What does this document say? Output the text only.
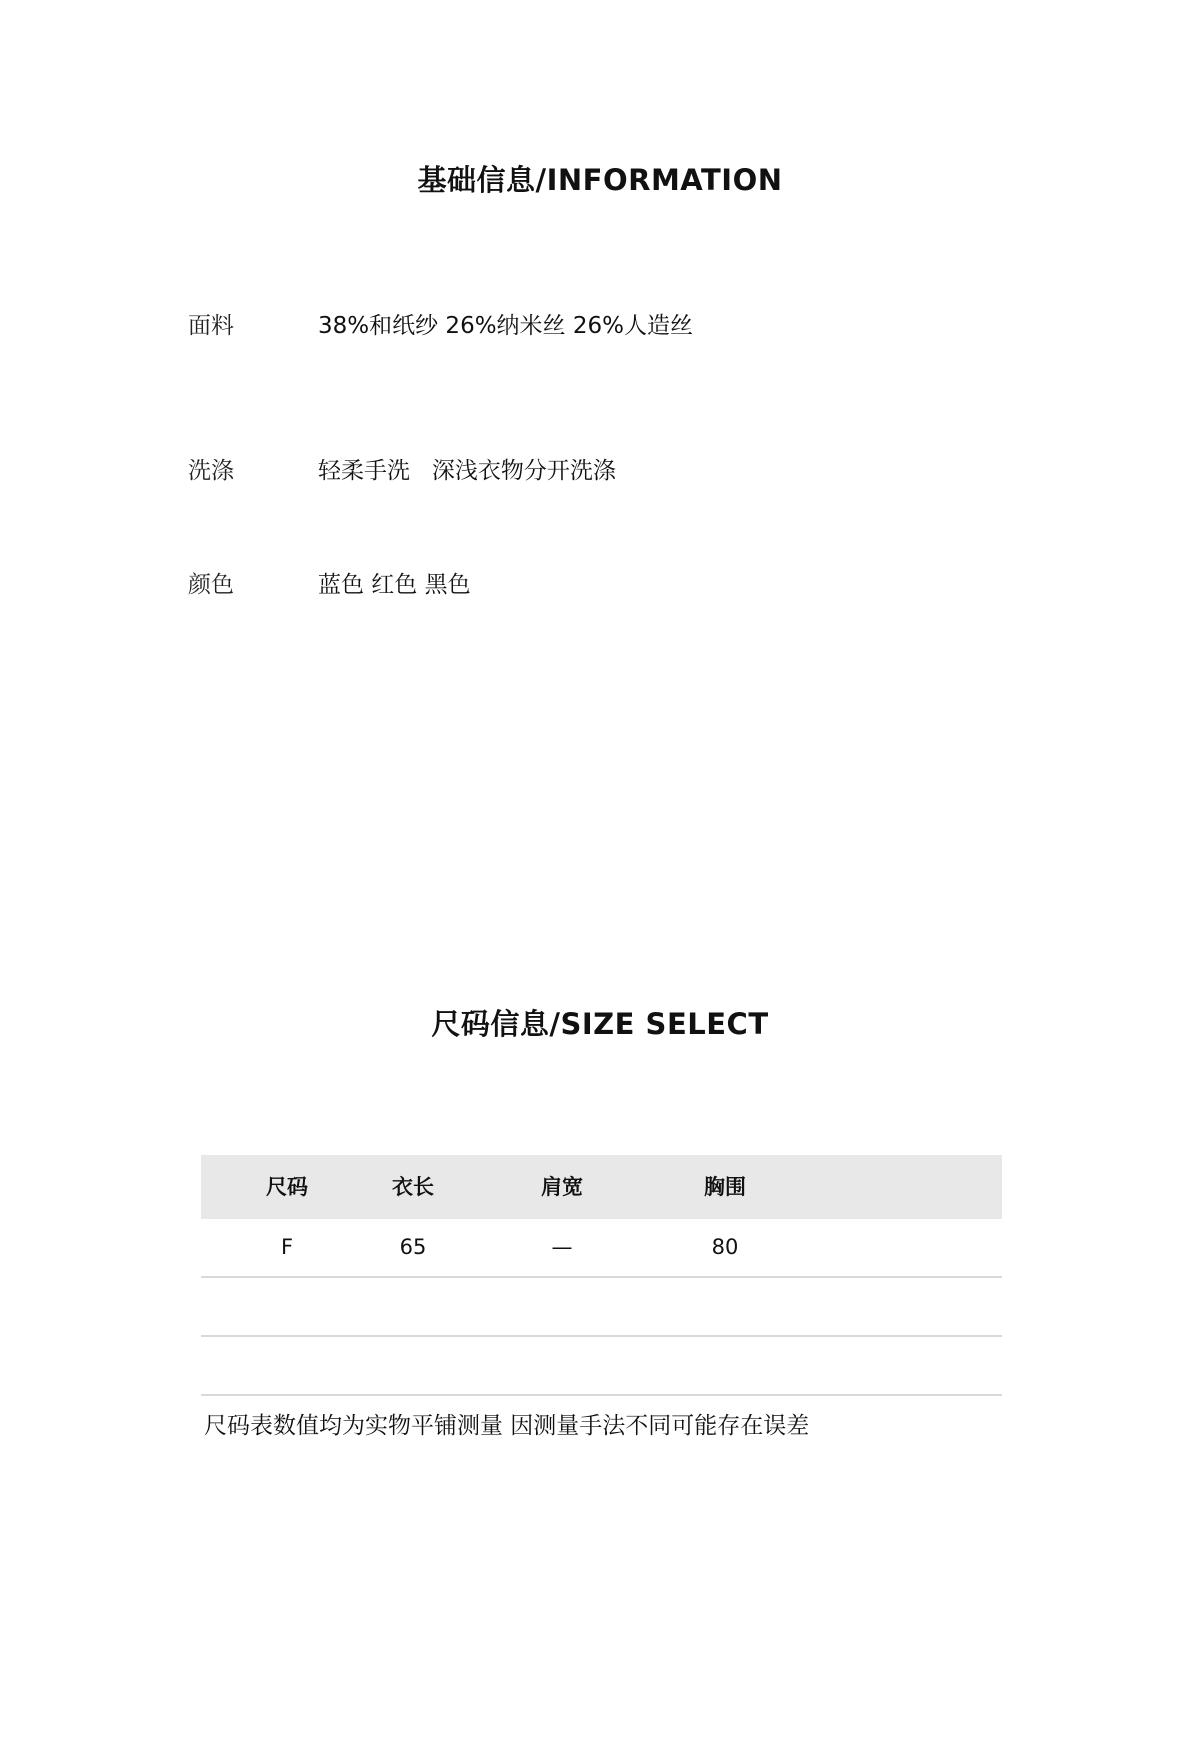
基础信息/INFORMATION
面料	38%和纸纱 26%纳米丝 26%人造丝
洗涤	轻柔手洗   深浅衣物分开洗涤
颜色	蓝色 红色 黑色
尺码信息/SIZE SELECT
尺码	衣长	肩宽	胸围
F	65	—	80
尺码表数值均为实物平铺测量 因测量手法不同可能存在误差
